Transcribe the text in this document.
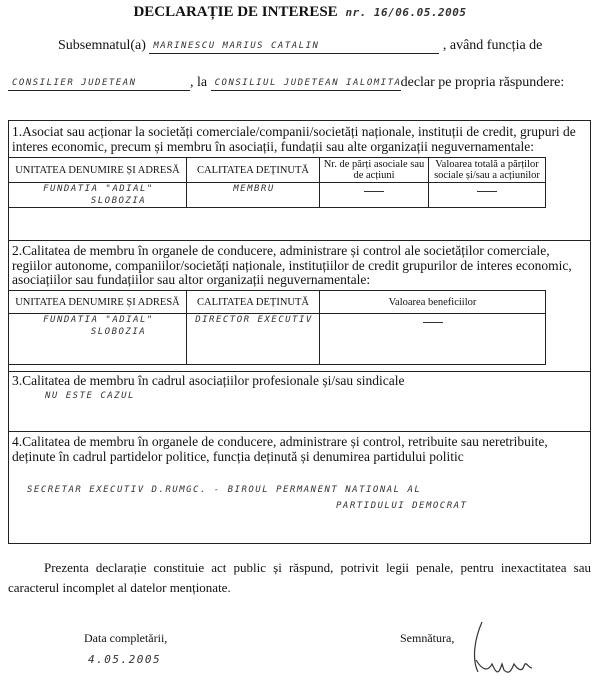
DECLARAȚIE DE INTERESE nr. 16/06.05.2005
Subsemnatul(a) MARINESCU MARIUS CATALIN	, având funcția de
CONSILIER JUDETEAN	, la CONSILIUL JUDETEAN IALOMITA declar pe propria răspundere:
1.Asociat sau acționar la societăți comerciale/companii/societăți naționale, instituții de credit, grupuri de interes economic, precum și membru în asociații, fundații sau alte organizații neguvernamentale:
UNITATEA DENUMIRE ȘI ADRESĂ	CALITATEA DEȚINUTĂ	Nr. de părți asociale sau de acțiuni	Valoarea totală a părților sociale și/sau a acțiunilor

FUNDATIA "ADIAL"
SLOBOZIA	MEMBRU		

2.Calitatea de membru în organele de conducere, administrare și control ale societăților comerciale, regiilor autonome, companiilor/societăți naționale, instituțiilor de credit grupurilor de interes economic, asociațiilor sau fundațiilor sau altor organizații neguvernamentale:
UNITATEA DENUMIRE ȘI ADRESĂ	CALITATEA DEȚINUTĂ	Valoarea beneficiilor

FUNDATIA "ADIAL"
SLOBOZIA	DIRECTOR EXECUTIV	

3.Calitatea de membru în cadrul asociațiilor profesionale și/sau sindicale
NU ESTE CAZUL
4.Calitatea de membru în organele de conducere, administrare și control, retribuite sau neretribuite, deținute în cadrul partidelor politice, funcția deținută și denumirea partidului politic
SECRETAR EXECUTIV D.RUMGC. - BIROUL PERMANENT NATIONAL AL
PARTIDULUI DEMOCRAT
Prezenta declarație constituie act public și răspund, potrivit legii penale, pentru inexactitatea sau caracterul incomplet al datelor menționate.
Data completării,
4.05.2005
Semnătura,
